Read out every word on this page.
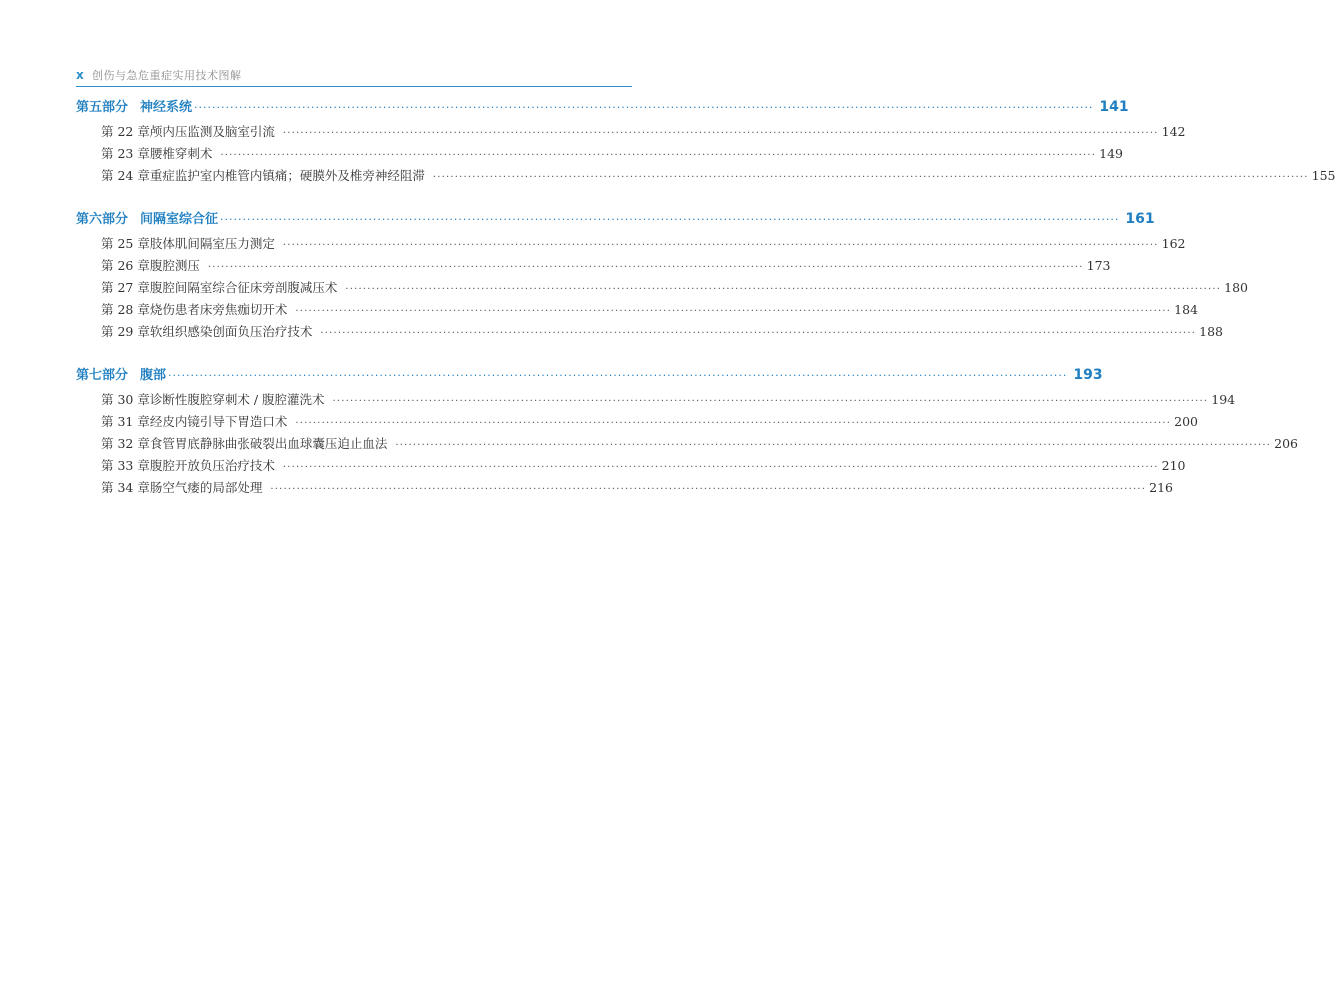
x 创伤与急危重症实用技术图解
第五部分 神经系统 ········································································································································································································ 141
第 22 章 颅内压监测及脑室引流 ········································································································································································································ 142
第 23 章 腰椎穿刺术 ········································································································································································································ 149
第 24 章 重症监护室内椎管内镇痛；硬膜外及椎旁神经阻滞 ········································································································································································································ 155
第六部分 间隔室综合征 ········································································································································································································ 161
第 25 章 肢体肌间隔室压力测定 ········································································································································································································ 162
第 26 章 腹腔测压 ········································································································································································································ 173
第 27 章 腹腔间隔室综合征床旁剖腹减压术 ········································································································································································································ 180
第 28 章 烧伤患者床旁焦痂切开术 ········································································································································································································ 184
第 29 章 软组织感染创面负压治疗技术 ········································································································································································································ 188
第七部分 腹部 ········································································································································································································ 193
第 30 章 诊断性腹腔穿刺术 / 腹腔灌洗术 ········································································································································································································ 194
第 31 章 经皮内镜引导下胃造口术 ········································································································································································································ 200
第 32 章 食管胃底静脉曲张破裂出血球囊压迫止血法 ········································································································································································································ 206
第 33 章 腹腔开放负压治疗技术 ········································································································································································································ 210
第 34 章 肠空气瘘的局部处理 ········································································································································································································ 216
